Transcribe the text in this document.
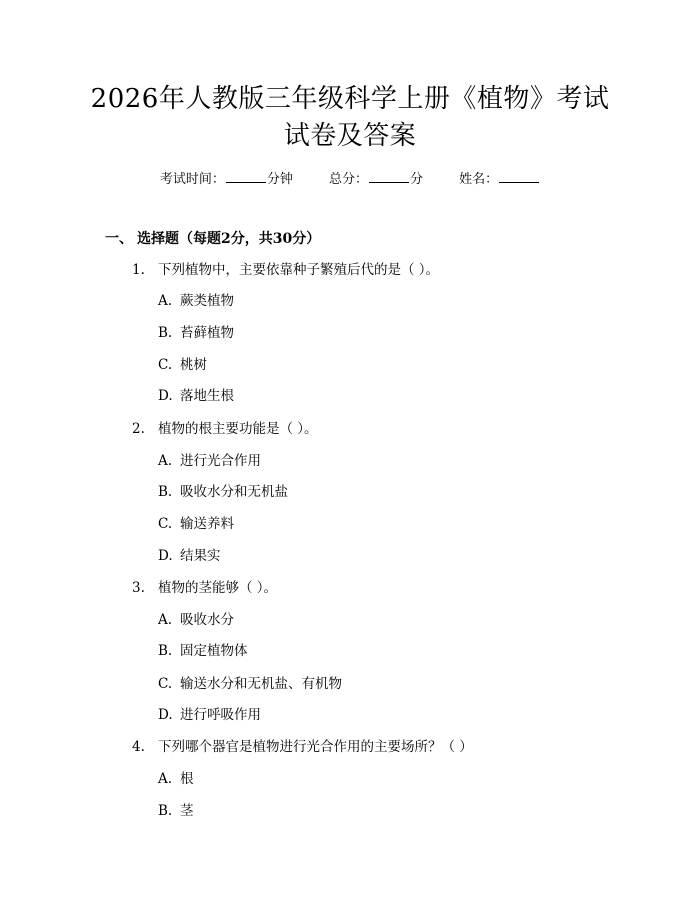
2026年人教版三年级科学上册《植物》考试
试卷及答案
考试时间：	分钟	总分：	分	姓名：
一、 选择题（每题2分，共30分）
1. 下列植物中，主要依靠种子繁殖后代的是（ ）。
A. 蕨类植物
B. 苔藓植物
C. 桃树
D. 落地生根
2. 植物的根主要功能是（ ）。
A. 进行光合作用
B. 吸收水分和无机盐
C. 输送养料
D. 结果实
3. 植物的茎能够（ ）。
A. 吸收水分
B. 固定植物体
C. 输送水分和无机盐、有机物
D. 进行呼吸作用
4. 下列哪个器官是植物进行光合作用的主要场所？（ ）
A. 根
B. 茎
